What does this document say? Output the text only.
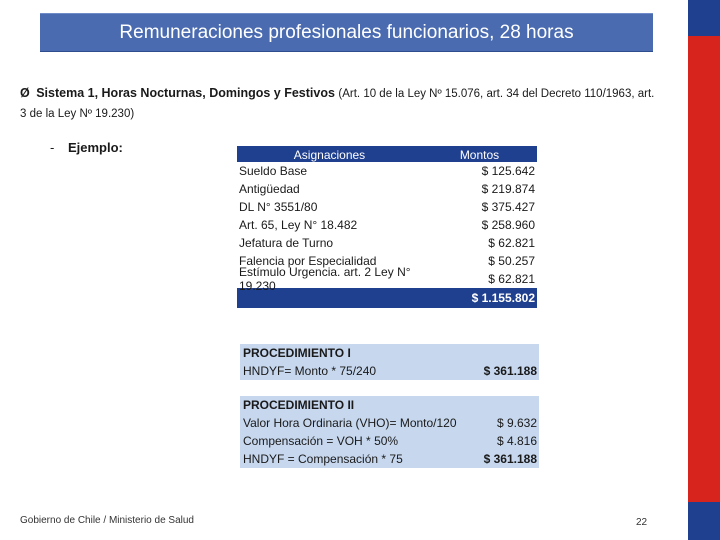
Remuneraciones profesionales funcionarios, 28 horas
Ø Sistema 1, Horas Nocturnas, Domingos y Festivos (Art. 10 de la Ley Nº 15.076, art. 34 del Decreto 110/1963, art. 3 de la Ley Nº 19.230)
- Ejemplo:	Asignaciones	Montos
Sueldo Base	$ 125.642
Antigüedad	$ 219.874
DL N° 3551/80	$ 375.427
Art. 65, Ley N° 18.482	$ 258.960
Jefatura de Turno	$ 62.821
Falencia por Especialidad	$ 50.257
Estímulo Urgencia. art. 2 Ley N° 19.230	$ 62.821
$ 1.155.802
PROCEDIMIENTO I
HNDYF= Monto * 75/240	$ 361.188
PROCEDIMIENTO II
Valor Hora Ordinaria (VHO)= Monto/120	$ 9.632
Compensación = VOH * 50%	$ 4.816
HNDYF = Compensación * 75	$ 361.188
Gobierno de Chile / Ministerio de Salud	22
